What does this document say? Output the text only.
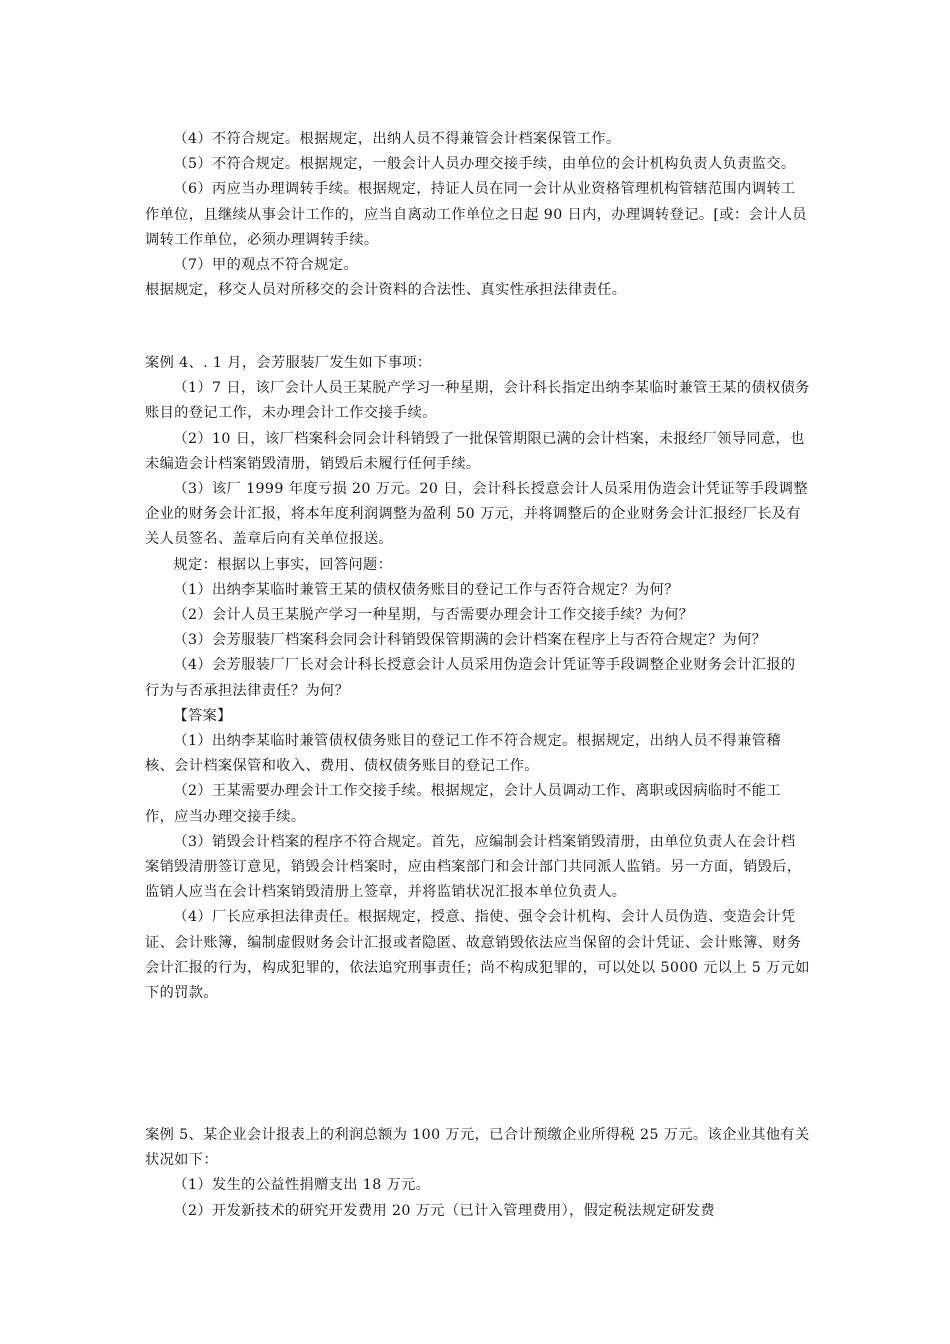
（4）不符合规定。根据规定，出纳人员不得兼管会计档案保管工作。

（5）不符合规定。根据规定，一般会计人员办理交接手续，由单位的会计机构负责人负责监交。

（6）丙应当办理调转手续。根据规定，持证人员在同一会计从业资格管理机构管辖范围内调转工作单位，且继续从事会计工作的，应当自离动工作单位之日起 90 日内，办理调转登记。[或：会计人员调转工作单位，必须办理调转手续。

（7）甲的观点不符合规定。

根据规定，移交人员对所移交的会计资料的合法性、真实性承担法律责任。

案例 4、. 1 月，会芳服装厂发生如下事项：

（1）7 日，该厂会计人员王某脱产学习一种星期，会计科长指定出纳李某临时兼管王某的债权债务账目的登记工作，未办理会计工作交接手续。

（2）10 日，该厂档案科会同会计科销毁了一批保管期限已满的会计档案，未报经厂领导同意，也未编造会计档案销毁清册，销毁后未履行任何手续。

（3）该厂 1999 年度亏损 20 万元。20 日，会计科长授意会计人员采用伪造会计凭证等手段调整企业的财务会计汇报，将本年度利润调整为盈利 50 万元，并将调整后的企业财务会计汇报经厂长及有关人员签名、盖章后向有关单位报送。

规定：根据以上事实，回答问题：

（1）出纳李某临时兼管王某的债权债务账目的登记工作与否符合规定？为何？

（2）会计人员王某脱产学习一种星期，与否需要办理会计工作交接手续？为何？

（3）会芳服装厂档案科会同会计科销毁保管期满的会计档案在程序上与否符合规定？为何？

（4）会芳服装厂厂长对会计科长授意会计人员采用伪造会计凭证等手段调整企业财务会计汇报的行为与否承担法律责任？为何？

【答案】

（1）出纳李某临时兼管债权债务账目的登记工作不符合规定。根据规定，出纳人员不得兼管稽核、会计档案保管和收入、费用、债权债务账目的登记工作。

（2）王某需要办理会计工作交接手续。根据规定，会计人员调动工作、离职或因病临时不能工作，应当办理交接手续。

（3）销毁会计档案的程序不符合规定。首先，应编制会计档案销毁清册，由单位负责人在会计档案销毁清册签订意见，销毁会计档案时，应由档案部门和会计部门共同派人监销。另一方面，销毁后，监销人应当在会计档案销毁清册上签章，并将监销状况汇报本单位负责人。

（4）厂长应承担法律责任。根据规定，授意、指使、强令会计机构、会计人员伪造、变造会计凭证、会计账簿，编制虚假财务会计汇报或者隐匿、故意销毁依法应当保留的会计凭证、会计账簿、财务会计汇报的行为，构成犯罪的，依法追究刑事责任；尚不构成犯罪的，可以处以 5000 元以上 5 万元如下的罚款。

案例 5、某企业会计报表上的利润总额为 100 万元，已合计预缴企业所得税 25 万元。该企业其他有关状况如下：

（1）发生的公益性捐赠支出 18 万元。

（2）开发新技术的研究开发费用 20 万元（已计入管理费用），假定税法规定研发费
